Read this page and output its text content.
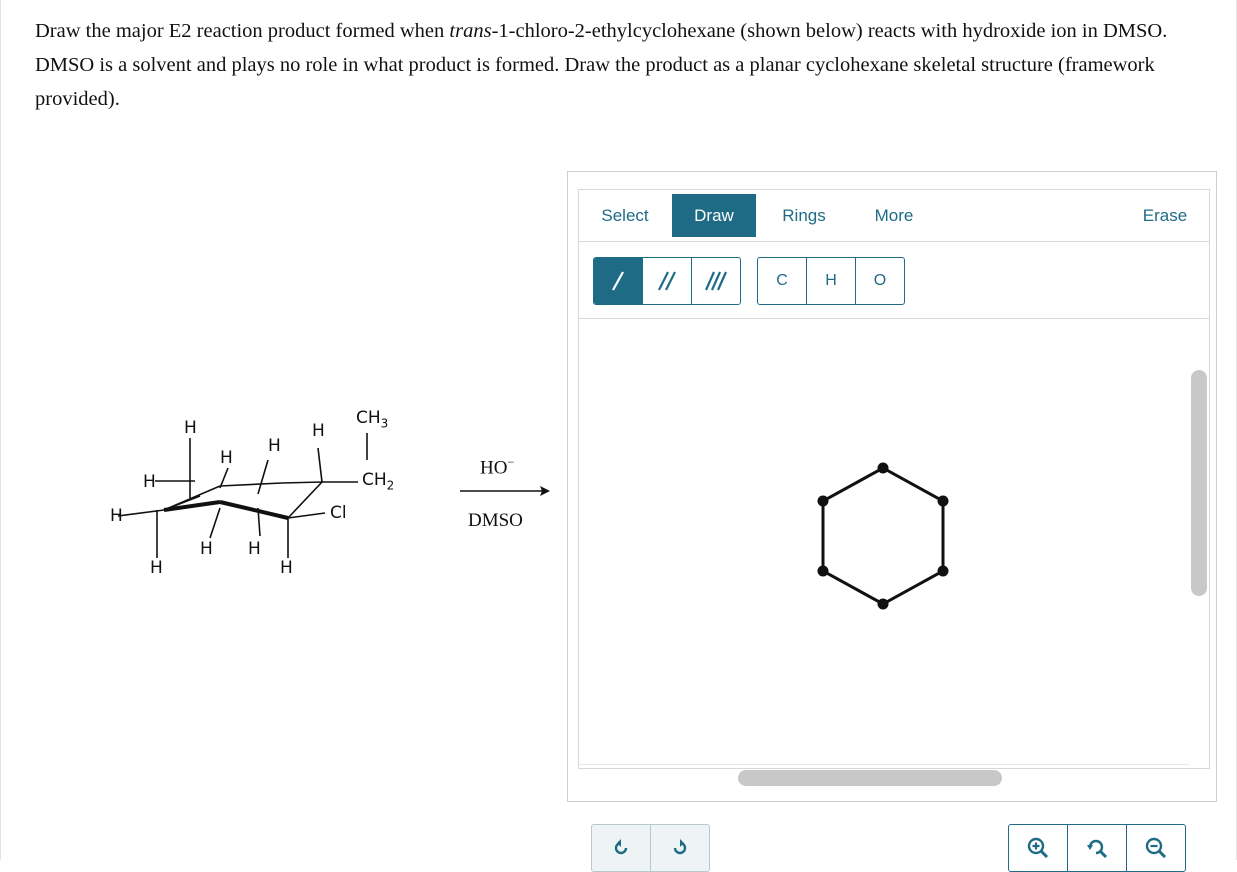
Draw the major E2 reaction product formed when trans-1-chloro-2-ethylcyclohexane (shown below) reacts with hydroxide ion in DMSO. DMSO is a solvent and plays no role in what product is formed. Draw the product as a planar cyclohexane skeletal structure (framework provided).

H
H
H
H
H
H
H H
H	H
$CH_3$
$CH_2$
Cl
HO−
DMSO
Select	Draw	Rings	More	Erase
C	H	O
